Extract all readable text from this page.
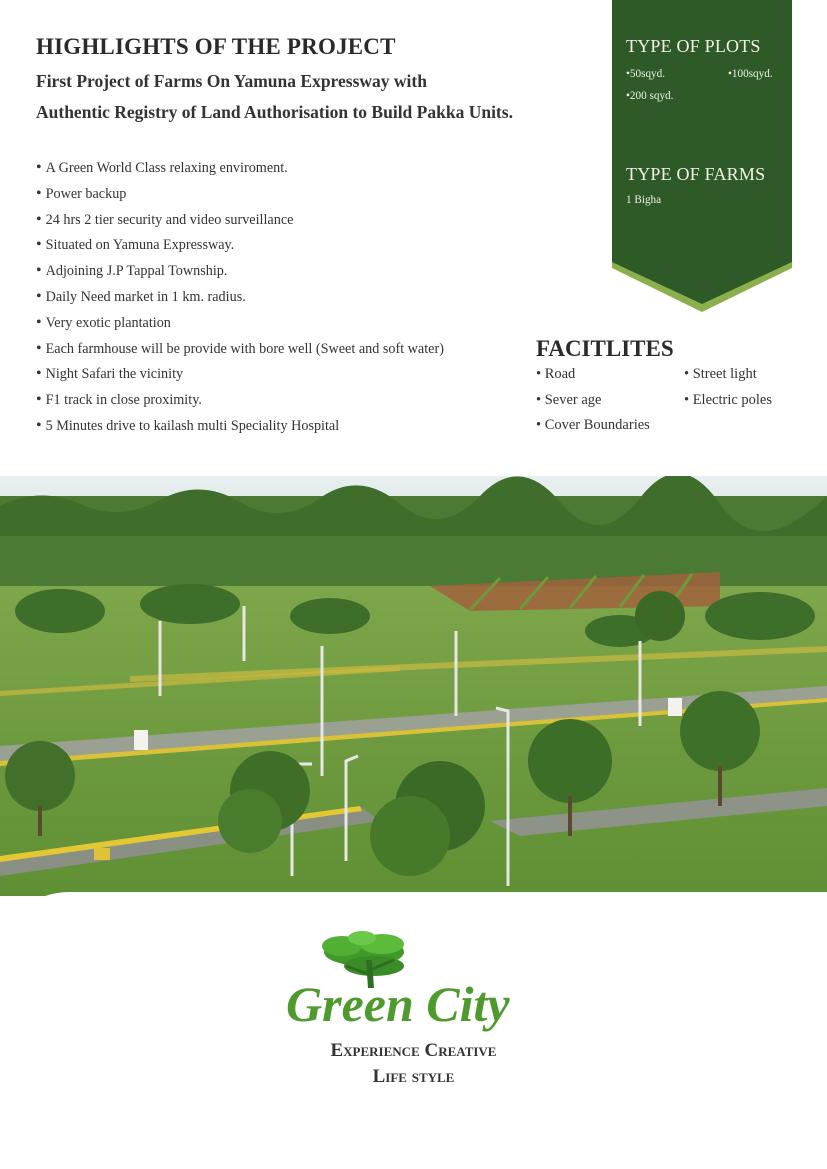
HIGHLIGHTS OF THE PROJECT
First Project of Farms On Yamuna Expressway with
Authentic Registry of Land Authorisation to Build Pakka Units.
• A Green World Class relaxing enviroment.
• Power backup
• 24 hrs 2 tier security and video surveillance
• Situated on Yamuna Expressway.
• Adjoining J.P Tappal Township.
• Daily Need market in 1 km. radius.
• Very exotic plantation
• Each farmhouse will be provide with bore well (Sweet and soft water)
• Night Safari the vicinity
• F1 track in close proximity.
• 5 Minutes drive to kailash multi Speciality Hospital
TYPE OF PLOTS
•50sqyd.	•100sqyd.
•200 sqyd.
TYPE OF FARMS
1 Bigha
FACITLITES
• Road	• Street light
• Sever age	• Electric poles
• Cover Boundaries
Green City
Experience Creative
Life style
